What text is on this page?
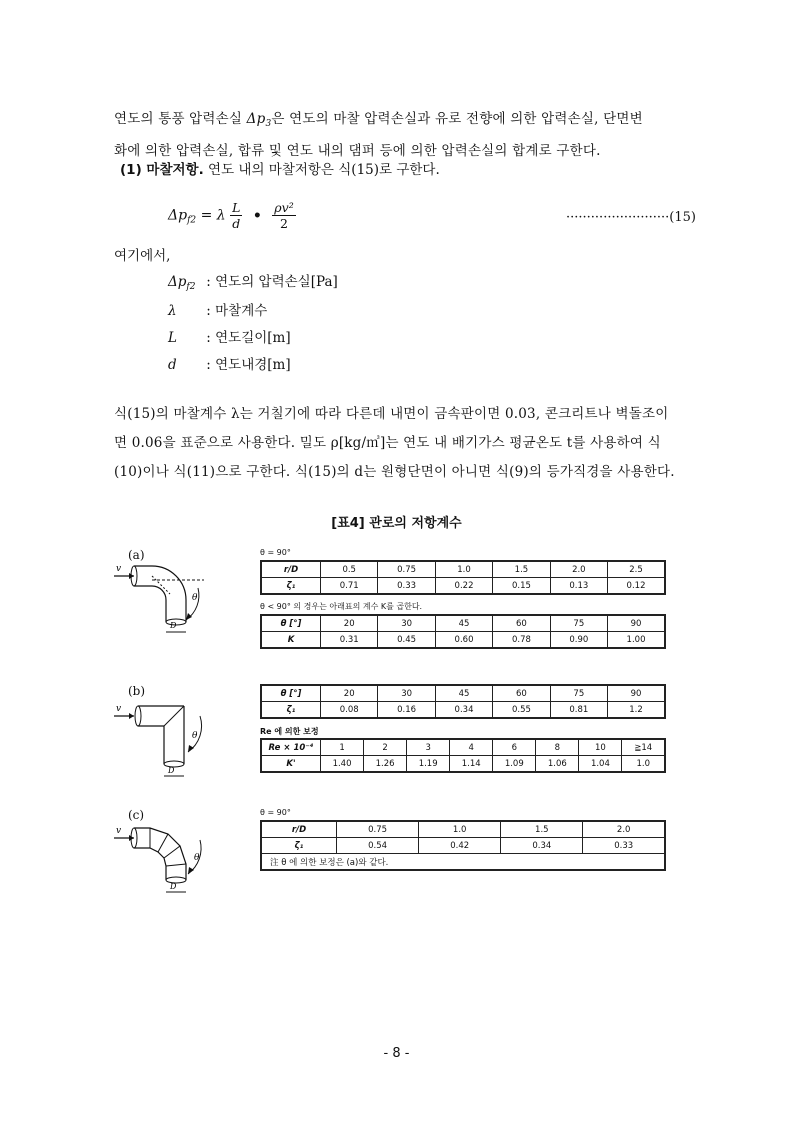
연도의 통풍 압력손실 $\Delta p_3$은 연도의 마찰 압력손실과 유로 전향에 의한 압력손실, 단면변
화에 의한 압력손실, 합류 및 연도 내의 댐퍼 등에 의한 압력손실의 합계로 구한다.
(1) 마찰저항. 연도 내의 마찰저항은 식(15)로 구한다.
$\Delta p_{f2} = \lambda \frac{L}{d}$ • $\frac{\text{ρv²}}{2}$	·························(15)
여기에서,
$\Delta p_{f2}$ : 연도의 압력손실[Pa]
λ : 마찰계수
L : 연도길이[m]
d : 연도내경[m]
식(15)의 마찰계수 λ는 거칠기에 따라 다른데 내면이 금속판이면 0.03, 콘크리트나 벽돌조이
면 0.06을 표준으로 사용한다. 밀도 ρ[kg/㎥]는 연도 내 배기가스 평균온도 t를 사용하여 식
(10)이나 식(11)으로 구한다. 식(15)의 d는 원형단면이 아니면 식(9)의 등가직경을 사용한다.
[표4] 관로의 저항계수
(a)
v
θ
D
θ = 90°
r/D	0.5	0.75	1.0	1.5	2.0	2.5
ζ₁	0.71	0.33	0.22	0.15	0.13	0.12
θ < 90° 의 경우는 아래표의 계수 K를 곱한다.
θ [°]	20	30	45	60	75	90
K	0.31	0.45	0.60	0.78	0.90	1.00
(b)
v
θ
D
θ [°]	20	30	45	60	75	90
ζ₁	0.08	0.16	0.34	0.55	0.81	1.2
Re 에 의한 보정
Re × 10⁻⁴	1	2	3	4	6	8	10	≧14
K'	1.40	1.26	1.19	1.14	1.09	1.06	1.04	1.0
(c)
v
θ
D
θ = 90°
r/D	0.75	1.0	1.5	2.0
ζ₁	0.54	0.42	0.34	0.33
注 θ 에 의한 보정은 (a)와 같다.				
- 8 -
